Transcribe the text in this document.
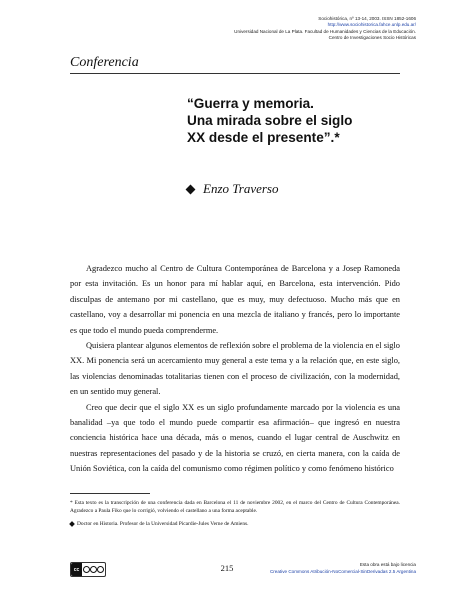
Sociohistórica, nº 13-14, 2003. ISSN 1852-1606
http://www.sociohistorica.fahce.unlp.edu.ar/
Universidad Nacional de La Plata. Facultad de Humanidades y Ciencias de la Educación.
Centro de Investigaciones Socio Históricas
Conferencia
“Guerra y memoria.
Una mirada sobre el siglo
XX desde el presente”.*
Enzo Traverso

Agradezco mucho al Centro de Cultura Contemporánea de Barcelona y a Josep Ramoneda por esta invitación. Es un honor para mí hablar aquí, en Barcelona, esta intervención. Pido disculpas de antemano por mi castellano, que es muy, muy defectuoso. Mucho más que en castellano, voy a desarrollar mi ponencia en una mezcla de italiano y francés, pero lo importante es que todo el mundo pueda comprenderme.

Quisiera plantear algunos elementos de reflexión sobre el problema de la violencia en el siglo XX. Mi ponencia será un acercamiento muy general a este tema y a la relación que, en este siglo, las violencias denominadas totalitarias tienen con el proceso de civilización, con la modernidad, en un sentido muy general.

Creo que decir que el siglo XX es un siglo profundamente marcado por la violencia es una banalidad –ya que todo el mundo puede compartir esa afirmación– que ingresó en nuestra conciencia histórica hace una década, más o menos, cuando el lugar central de Auschwitz en nuestras representaciones del pasado y de la historia se cruzó, en cierta manera, con la caída de Unión Soviética, con la caída del comunismo como régimen político y como fenómeno histórico

* Esta texto es la transcripción de una conferencia dada en Barcelona el 11 de noviembre 2002, en el marco del Centro de Cultura Contemporánea. Agradezco a Paula Fiko que lo corrigió, volviendo el castellano a una forma aceptable.

Doctor en Historia. Profesor de la Universidad Picardie-Jules Verne de Amiens.

cc	215	Esta obra está bajo licencia
Creative Commons Atribución-NoComercial-SinDerivadas 2.5 Argentina
